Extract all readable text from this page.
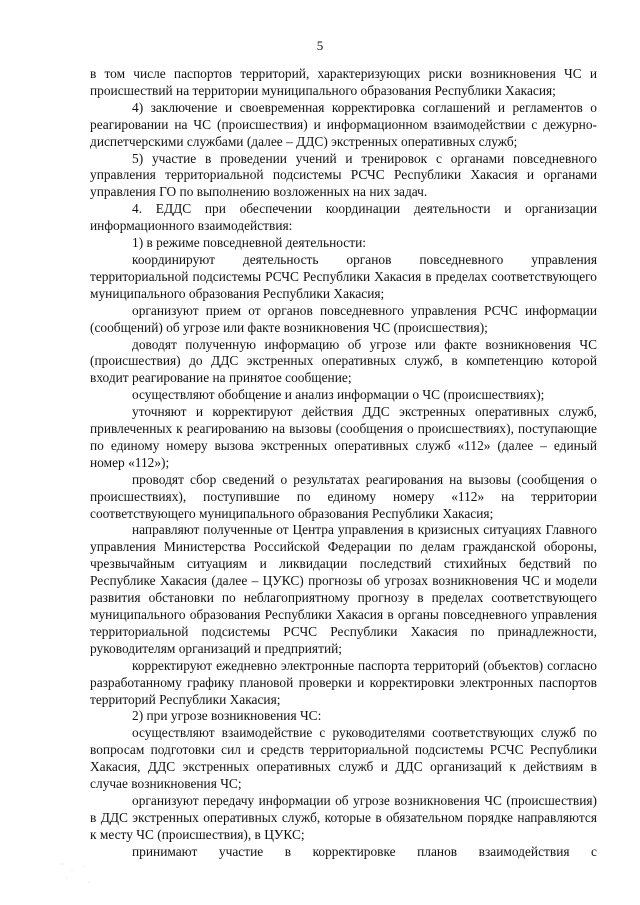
5

в том числе паспортов территорий, характеризующих риски возникновения ЧС и происшествий на территории муниципального образования Республики Хакасия;

4) заключение и своевременная корректировка соглашений и регламентов о реагировании на ЧС (происшествия) и информационном взаимодействии с дежурно-диспетчерскими службами (далее – ДДС) экстренных оперативных служб;

5) участие в проведении учений и тренировок с органами повседневного управления территориальной подсистемы РСЧС Республики Хакасия и органами управления ГО по выполнению возложенных на них задач.

4. ЕДДС при обеспечении координации деятельности и организации информационного взаимодействия:

1) в режиме повседневной деятельности:

координируют деятельность органов повседневного управления территориальной подсистемы РСЧС Республики Хакасия в пределах соответствующего муниципального образования Республики Хакасия;

организуют прием от органов повседневного управления РСЧС информации (сообщений) об угрозе или факте возникновения ЧС (происшествия);

доводят полученную информацию об угрозе или факте возникновения ЧС (происшествия) до ДДС экстренных оперативных служб, в компетенцию которой входит реагирование на принятое сообщение;

осуществляют обобщение и анализ информации о ЧС (происшествиях);

уточняют и корректируют действия ДДС экстренных оперативных служб, привлеченных к реагированию на вызовы (сообщения о происшествиях), поступающие по единому номеру вызова экстренных оперативных служб «112» (далее – единый номер «112»);

проводят сбор сведений о результатах реагирования на вызовы (сообщения о происшествиях), поступившие по единому номеру «112» на территории соответствующего муниципального образования Республики Хакасия;

направляют полученные от Центра управления в кризисных ситуациях Главного управления Министерства Российской Федерации по делам гражданской обороны, чрезвычайным ситуациям и ликвидации последствий стихийных бедствий по Республике Хакасия (далее – ЦУКС) прогнозы об угрозах возникновения ЧС и модели развития обстановки по неблагоприятному прогнозу в пределах соответствующего муниципального образования Республики Хакасия в органы повседневного управления территориальной подсистемы РСЧС Республики Хакасия по принадлежности, руководителям организаций и предприятий;

корректируют ежедневно электронные паспорта территорий (объектов) согласно разработанному графику плановой проверки и корректировки электронных паспортов территорий Республики Хакасия;

2) при угрозе возникновения ЧС:

осуществляют взаимодействие с руководителями соответствующих служб по вопросам подготовки сил и средств территориальной подсистемы РСЧС Республики Хакасия, ДДС экстренных оперативных служб и ДДС организаций к действиям в случае возникновения ЧС;

организуют передачу информации об угрозе возникновения ЧС (происшествия) в ДДС экстренных оперативных служб, которые в обязательном порядке направляются к месту ЧС (происшествия), в ЦУКС;

принимают участие в корректировке планов взаимодействия с
